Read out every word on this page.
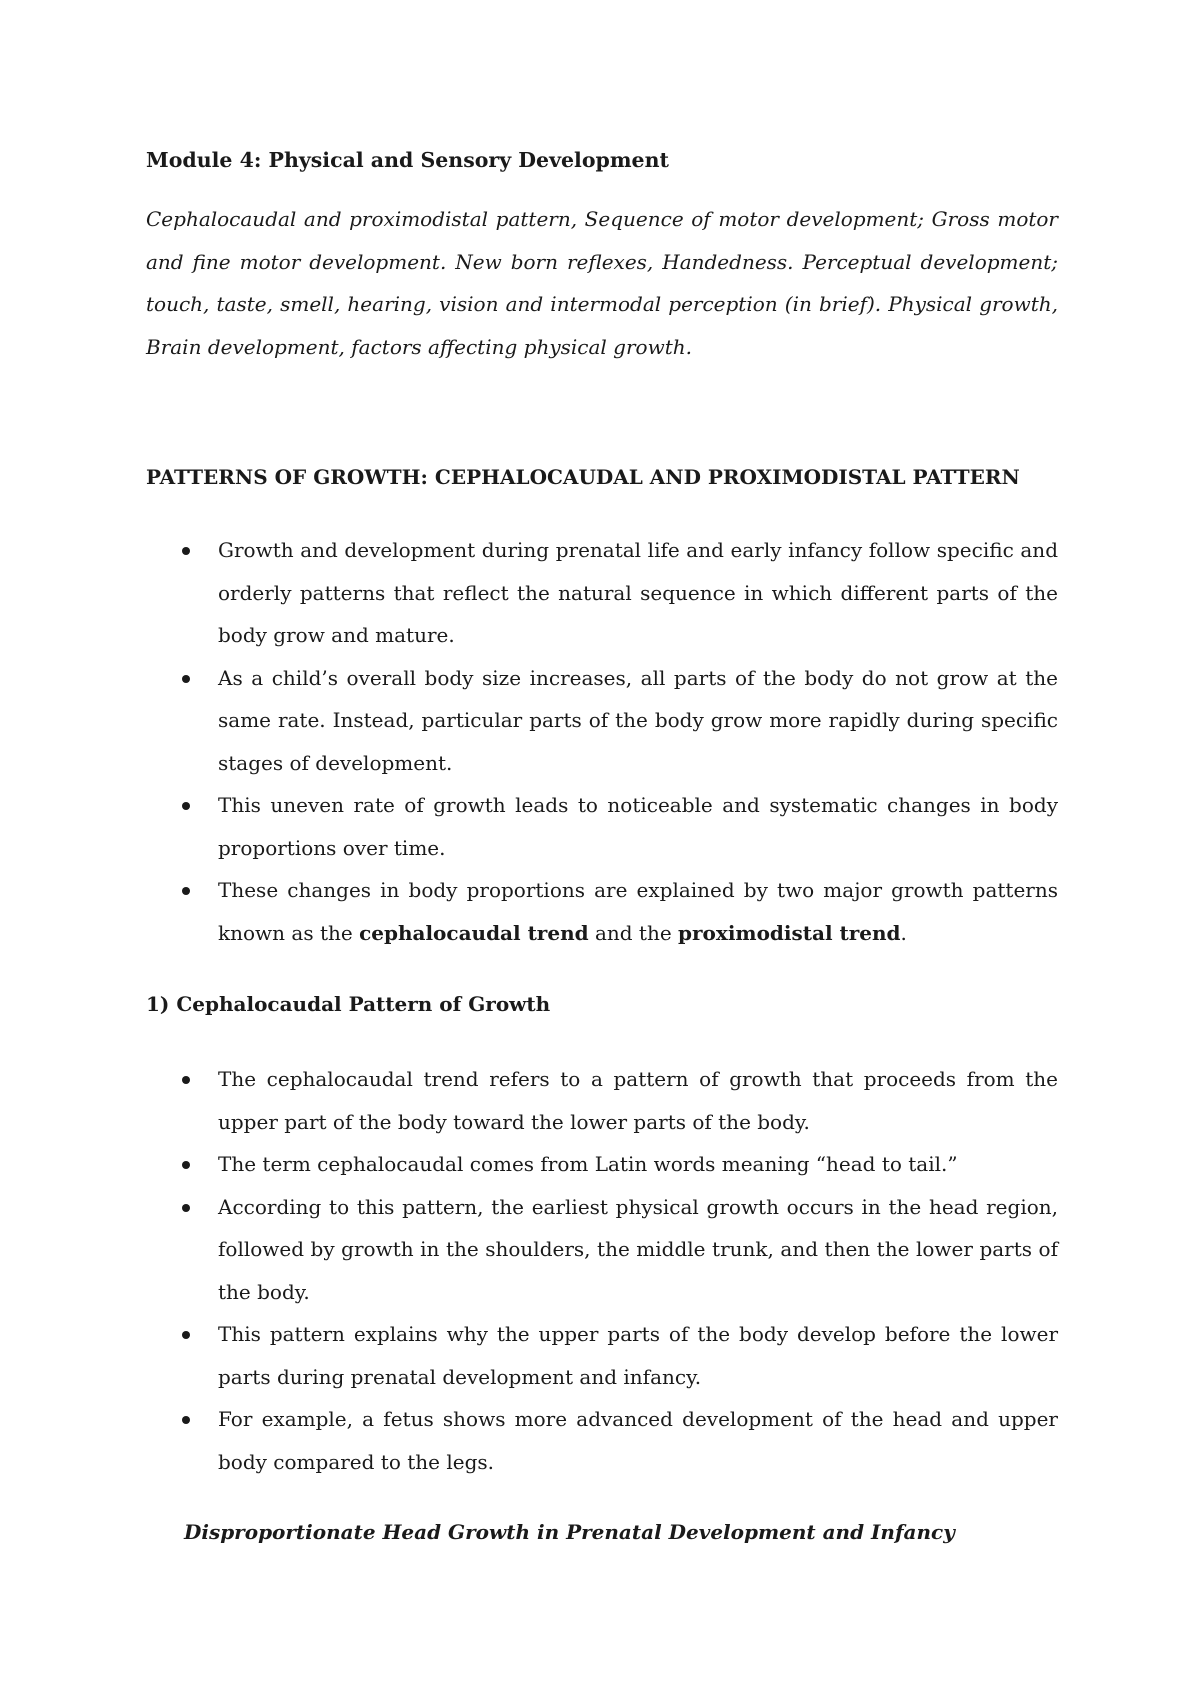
Module 4: Physical and Sensory Development

Cephalocaudal and proximodistal pattern, Sequence of motor development; Gross motor and fine motor development. New born reflexes, Handedness. Perceptual development; touch, taste, smell, hearing, vision and intermodal perception (in brief). Physical growth, Brain development, factors affecting physical growth.

PATTERNS OF GROWTH: CEPHALOCAUDAL AND PROXIMODISTAL PATTERN
Growth and development during prenatal life and early infancy follow specific and orderly patterns that reflect the natural sequence in which different parts of the body grow and mature.
As a child’s overall body size increases, all parts of the body do not grow at the same rate. Instead, particular parts of the body grow more rapidly during specific stages of development.
This uneven rate of growth leads to noticeable and systematic changes in body proportions over time.
These changes in body proportions are explained by two major growth patterns known as the cephalocaudal trend and the proximodistal trend.
1) Cephalocaudal Pattern of Growth
The cephalocaudal trend refers to a pattern of growth that proceeds from the upper part of the body toward the lower parts of the body.
The term cephalocaudal comes from Latin words meaning “head to tail.”
According to this pattern, the earliest physical growth occurs in the head region, followed by growth in the shoulders, the middle trunk, and then the lower parts of the body.
This pattern explains why the upper parts of the body develop before the lower parts during prenatal development and infancy.
For example, a fetus shows more advanced development of the head and upper body compared to the legs.
Disproportionate Head Growth in Prenatal Development and Infancy
